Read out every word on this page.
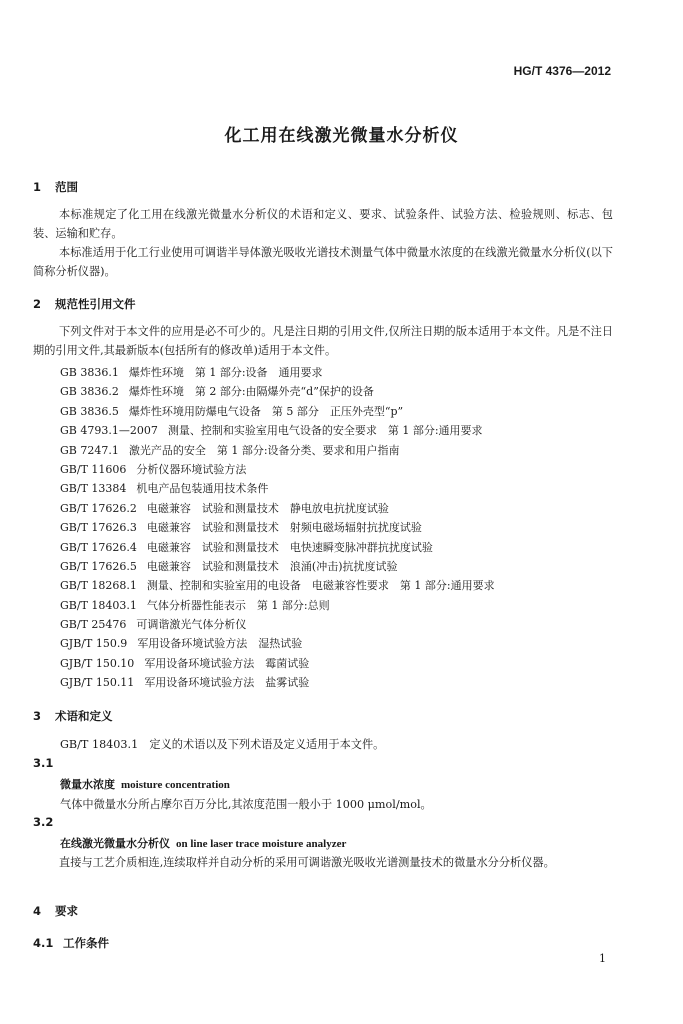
HG/T 4376—2012
化工用在线激光微量水分析仪
1 范围
本标准规定了化工用在线激光微量水分析仪的术语和定义、要求、试验条件、试验方法、检验规则、标志、包装、运输和贮存。
本标准适用于化工行业使用可调谐半导体激光吸收光谱技术测量气体中微量水浓度的在线激光微量水分析仪(以下简称分析仪器)。
2 规范性引用文件
下列文件对于本文件的应用是必不可少的。凡是注日期的引用文件,仅所注日期的版本适用于本文件。凡是不注日期的引用文件,其最新版本(包括所有的修改单)适用于本文件。
GB 3836.1 爆炸性环境　第 1 部分:设备　通用要求
GB 3836.2 爆炸性环境　第 2 部分:由隔爆外壳“d”保护的设备
GB 3836.5 爆炸性环境用防爆电气设备　第 5 部分　正压外壳型“p”
GB 4793.1—2007 测量、控制和实验室用电气设备的安全要求　第 1 部分:通用要求
GB 7247.1 激光产品的安全　第 1 部分:设备分类、要求和用户指南
GB/T 11606 分析仪器环境试验方法
GB/T 13384 机电产品包装通用技术条件
GB/T 17626.2 电磁兼容　试验和测量技术　静电放电抗扰度试验
GB/T 17626.3 电磁兼容　试验和测量技术　射频电磁场辐射抗扰度试验
GB/T 17626.4 电磁兼容　试验和测量技术　电快速瞬变脉冲群抗扰度试验
GB/T 17626.5 电磁兼容　试验和测量技术　浪涌(冲击)抗扰度试验
GB/T 18268.1 测量、控制和实验室用的电设备　电磁兼容性要求　第 1 部分:通用要求
GB/T 18403.1 气体分析器性能表示　第 1 部分:总则
GB/T 25476 可调谐激光气体分析仪
GJB/T 150.9 军用设备环境试验方法　湿热试验
GJB/T 150.10 军用设备环境试验方法　霉菌试验
GJB/T 150.11 军用设备环境试验方法　盐雾试验
3 术语和定义
GB/T 18403.1　定义的术语以及下列术语及定义适用于本文件。
3.1
微量水浓度 moisture concentration
气体中微量水分所占摩尔百万分比,其浓度范围一般小于 1000 μmol/mol。
3.2
在线激光微量水分析仪 on line laser trace moisture analyzer
直接与工艺介质相连,连续取样并自动分析的采用可调谐激光吸收光谱测量技术的微量水分分析仪器。
4 要求
4.1 工作条件
1
